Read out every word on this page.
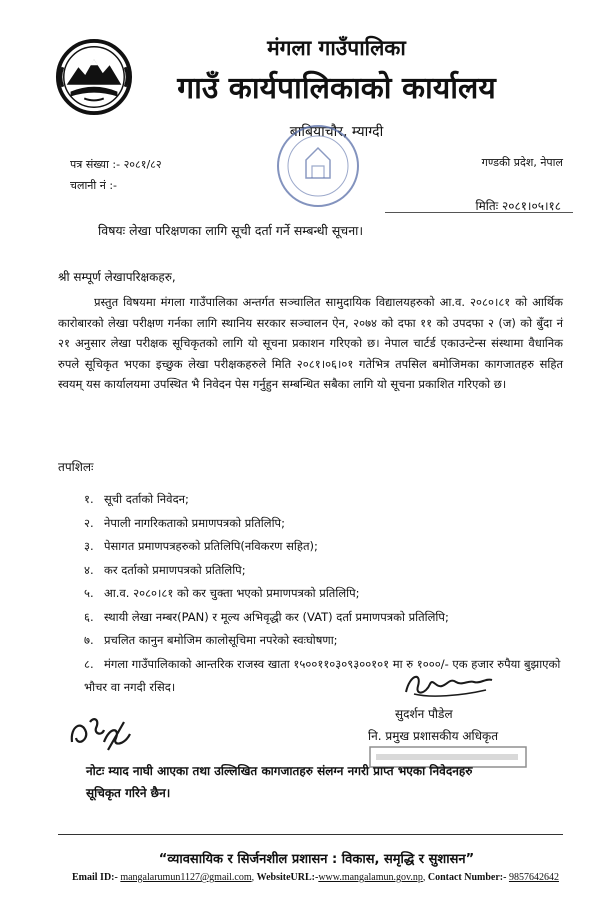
मंगला गाउँपालिका
गाउँ कार्यपालिकाको कार्यालय
बाबियाचौर, म्याग्दी
पत्र संख्या :- २०८१/८२
चलानी नं :-
गण्डकी प्रदेश, नेपाल
मितिः २०८१।०५।१८
विषयः लेखा परिक्षणका लागि सूची दर्ता गर्ने सम्बन्धी सूचना।
श्री सम्पूर्ण लेखापरिक्षकहरु,
प्रस्तुत विषयमा मंगला गाउँपालिका अन्तर्गत सञ्चालित सामुदायिक विद्यालयहरुको आ.व. २०८०।८१ को आर्थिक कारोबारको लेखा परीक्षण गर्नका लागि स्थानिय सरकार सञ्चालन ऐन, २०७४ को दफा ११ को उपदफा २ (ज) को बुँदा नं २१ अनुसार लेखा परीक्षक सूचिकृतको लागि यो सूचना प्रकाशन गरिएको छ। नेपाल चार्टर्ड एकाउन्टेन्स संस्थामा वैधानिक रुपले सूचिकृत भएका इच्छुक लेखा परीक्षकहरुले मिति २०८१।०६।०१ गतेभित्र तपसिल बमोजिमका कागजातहरु सहित स्वयम् यस कार्यालयमा उपस्थित भै निवेदन पेस गर्नुहुन सम्बन्धित सबैका लागि यो सूचना प्रकाशित गरिएको छ।
तपशिलः
१. सूची दर्ताको निवेदन;
२. नेपाली नागरिकताको प्रमाणपत्रको प्रतिलिपि;
३. पेसागत प्रमाणपत्रहरुको प्रतिलिपि(नविकरण सहित);
४. कर दर्ताको प्रमाणपत्रको प्रतिलिपि;
५. आ.व. २०८०।८१ को कर चुक्ता भएको प्रमाणपत्रको प्रतिलिपि;
६. स्थायी लेखा नम्बर(PAN) र मूल्य अभिवृद्धी कर (VAT) दर्ता प्रमाणपत्रको प्रतिलिपि;
७. प्रचलित कानुन बमोजिम कालोसूचिमा नपरेको स्वःघोषणा;
८. मंगला गाउँपालिकाको आन्तरिक राजस्व खाता १५००११०३०९३००१०१ मा रु १०००/- एक हजार रुपैया बुझाएको भौचर वा नगदी रसिद।
सुदर्शन पौडेल
नि. प्रमुख प्रशासकीय अधिकृत
नोटः म्याद नाघी आएका तथा उल्लिखित कागजातहरु संलग्न नगरी प्राप्त भएका निवेदनहरु सूचिकृत गरिने छैन।
“व्यावसायिक र सिर्जनशील प्रशासन : विकास, समृद्धि र सुशासन”
Email ID:- mangalarumun1127@gmail.com, WebsiteURL:-www.mangalamun.gov.np, Contact Number:- 9857642642
